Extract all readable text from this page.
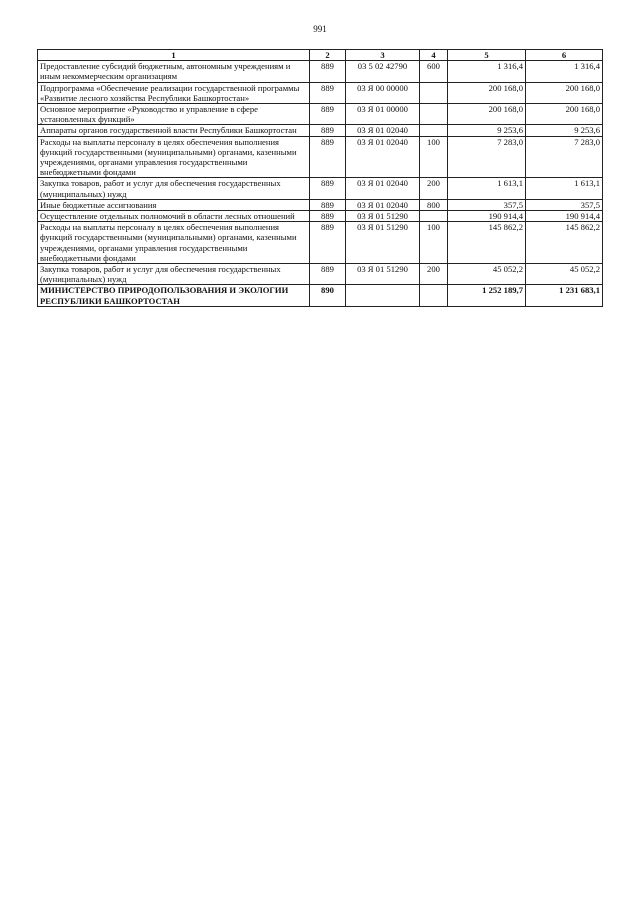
991
1	2	3	4	5	6
Предоставление субсидий бюджетным, автономным учреждениям и иным некоммерческим организациям	889	03 5 02 42790	600	1 316,4	1 316,4
Подпрограмма «Обеспечение реализации государственной программы «Развитие лесного хозяйства Республики Башкортостан»	889	03 Я 00 00000		200 168,0	200 168,0
Основное мероприятие «Руководство и управление в сфере установленных функций»	889	03 Я 01 00000		200 168,0	200 168,0
Аппараты органов государственной власти Республики Башкортостан	889	03 Я 01 02040		9 253,6	9 253,6
Расходы на выплаты персоналу в целях обеспечения выполнения функций государственными (муниципальными) органами, казенными учреждениями, органами управления государственными внебюджетными фондами	889	03 Я 01 02040	100	7 283,0	7 283,0
Закупка товаров, работ и услуг для обеспечения государственных (муниципальных) нужд	889	03 Я 01 02040	200	1 613,1	1 613,1
Иные бюджетные ассигнования	889	03 Я 01 02040	800	357,5	357,5
Осуществление отдельных полномочий в области лесных отношений	889	03 Я 01 51290		190 914,4	190 914,4
Расходы на выплаты персоналу в целях обеспечения выполнения функций государственными (муниципальными) органами, казенными учреждениями, органами управления государственными внебюджетными фондами	889	03 Я 01 51290	100	145 862,2	145 862,2
Закупка товаров, работ и услуг для обеспечения государственных (муниципальных) нужд	889	03 Я 01 51290	200	45 052,2	45 052,2
МИНИСТЕРСТВО ПРИРОДОПОЛЬЗОВАНИЯ И ЭКОЛОГИИ РЕСПУБЛИКИ БАШКОРТОСТАН	890			1 252 189,7	1 231 683,1
